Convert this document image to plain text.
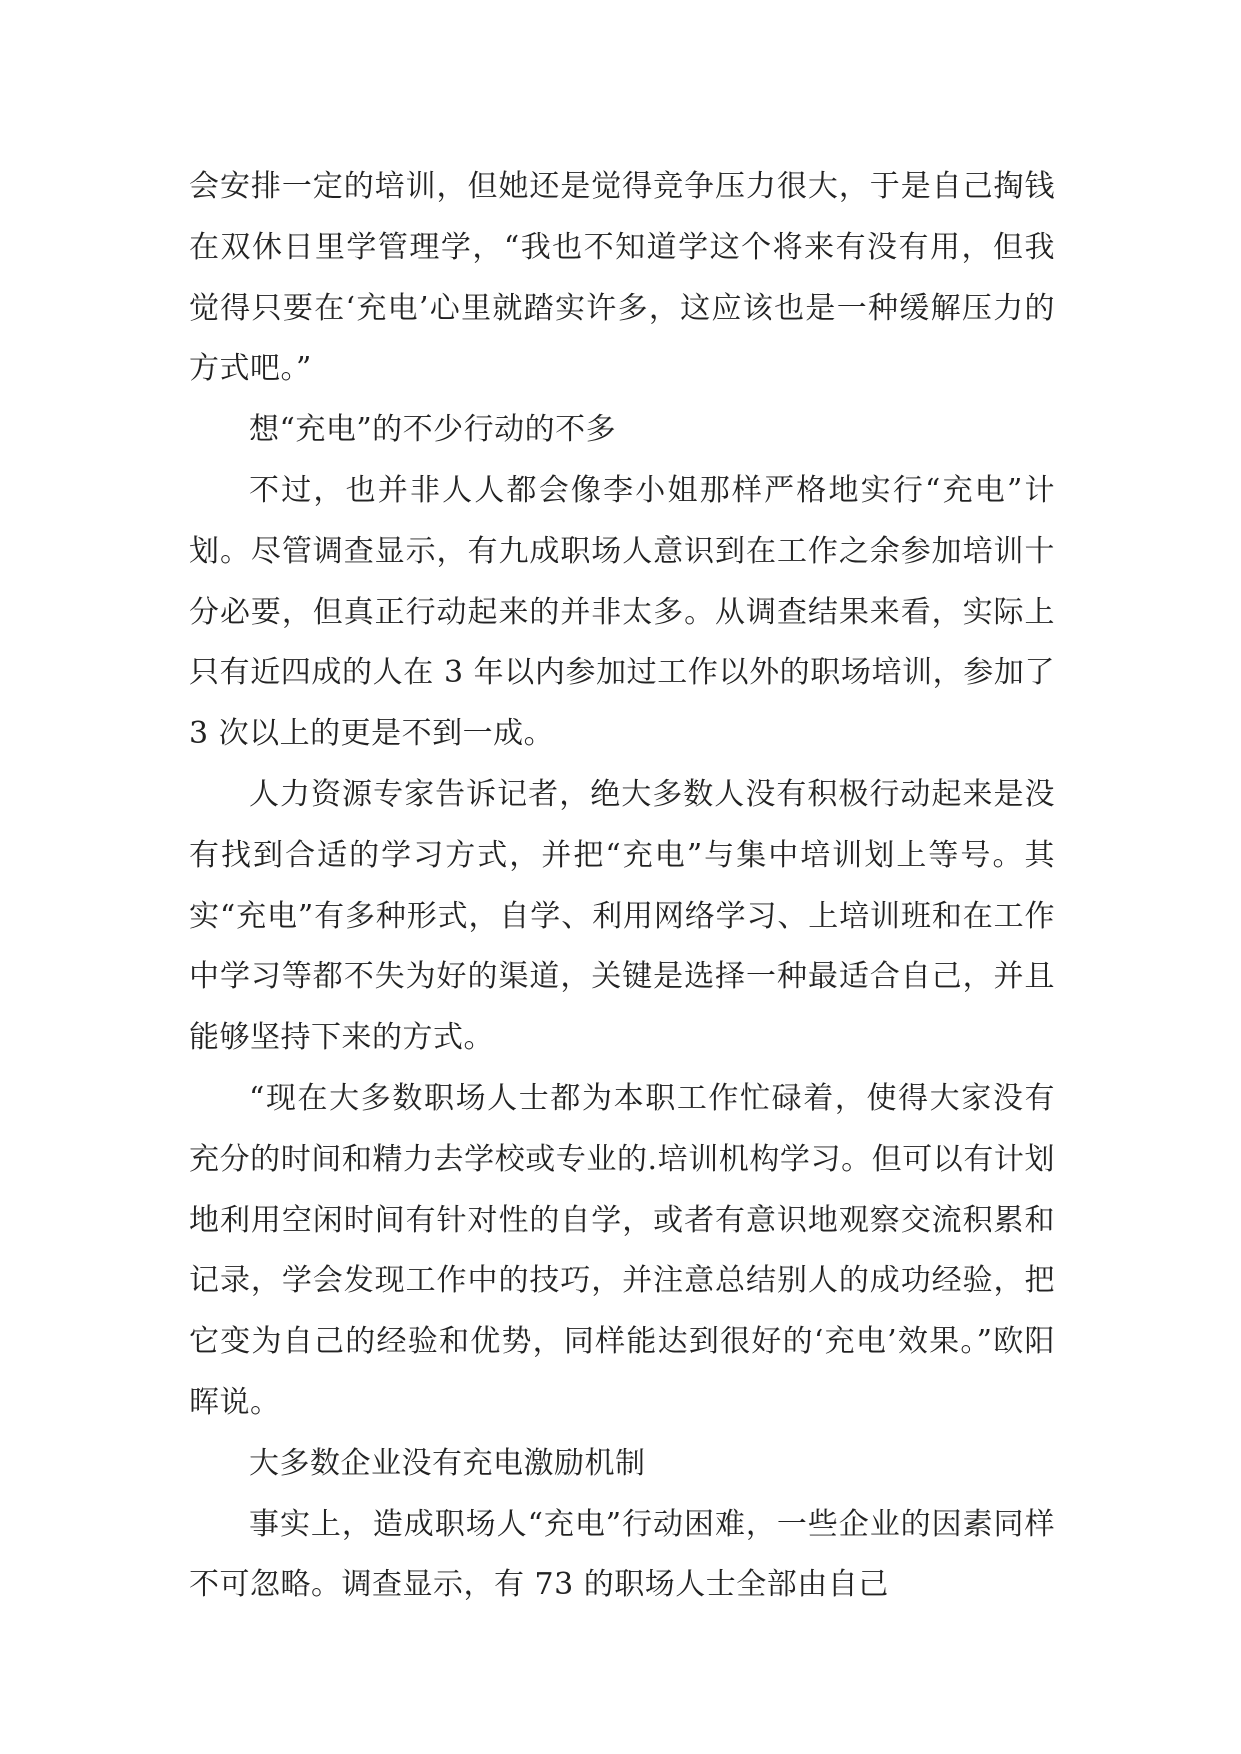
会安排一定的培训，但她还是觉得竞争压力很大，于是自己掏钱在双休日里学管理学，“我也不知道学这个将来有没有用，但我觉得只要在‘充电’心里就踏实许多，这应该也是一种缓解压力的方式吧。”

想“充电”的不少行动的不多

不过，也并非人人都会像李小姐那样严格地实行“充电”计划。尽管调查显示，有九成职场人意识到在工作之余参加培训十分必要，但真正行动起来的并非太多。从调查结果来看，实际上只有近四成的人在 3 年以内参加过工作以外的职场培训，参加了 3 次以上的更是不到一成。

人力资源专家告诉记者，绝大多数人没有积极行动起来是没有找到合适的学习方式，并把“充电”与集中培训划上等号。其实“充电”有多种形式，自学、利用网络学习、上培训班和在工作中学习等都不失为好的渠道，关键是选择一种最适合自己，并且能够坚持下来的方式。

“现在大多数职场人士都为本职工作忙碌着，使得大家没有充分的时间和精力去学校或专业的.培训机构学习。但可以有计划地利用空闲时间有针对性的自学，或者有意识地观察交流积累和记录，学会发现工作中的技巧，并注意总结别人的成功经验，把它变为自己的经验和优势，同样能达到很好的‘充电’效果。”欧阳晖说。

大多数企业没有充电激励机制

事实上，造成职场人“充电”行动困难，一些企业的因素同样不可忽略。调查显示，有 73 的职场人士全部由自己
